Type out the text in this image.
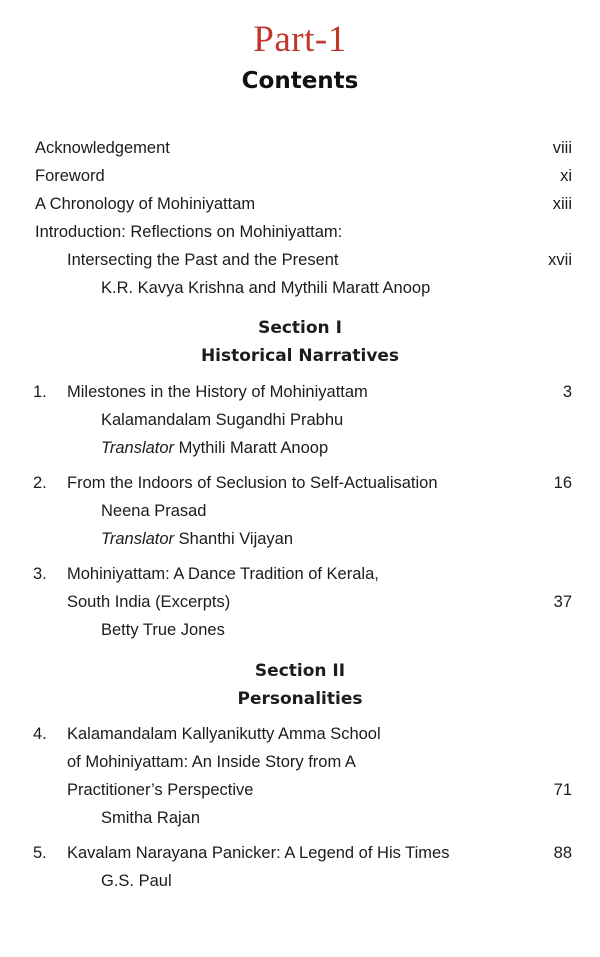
Part-1
Contents
Acknowledgement	viii
Foreword	xi
A Chronology of Mohiniyattam	xiii
Introduction: Reflections on Mohiniyattam:
Intersecting the Past and the Present	xvii
K.R. Kavya Krishna and Mythili Maratt Anoop
Section I
Historical Narratives
1. Milestones in the History of Mohiniyattam	3
Kalamandalam Sugandhi Prabhu
Translator Mythili Maratt Anoop
2. From the Indoors of Seclusion to Self-Actualisation	16
Neena Prasad
Translator Shanthi Vijayan
3. Mohiniyattam: A Dance Tradition of Kerala,
South India (Excerpts)	37
Betty True Jones
Section II
Personalities
4. Kalamandalam Kallyanikutty Amma School
of Mohiniyattam: An Inside Story from A
Practitioner’s Perspective	71
Smitha Rajan
5. Kavalam Narayana Panicker: A Legend of His Times	88
G.S. Paul
